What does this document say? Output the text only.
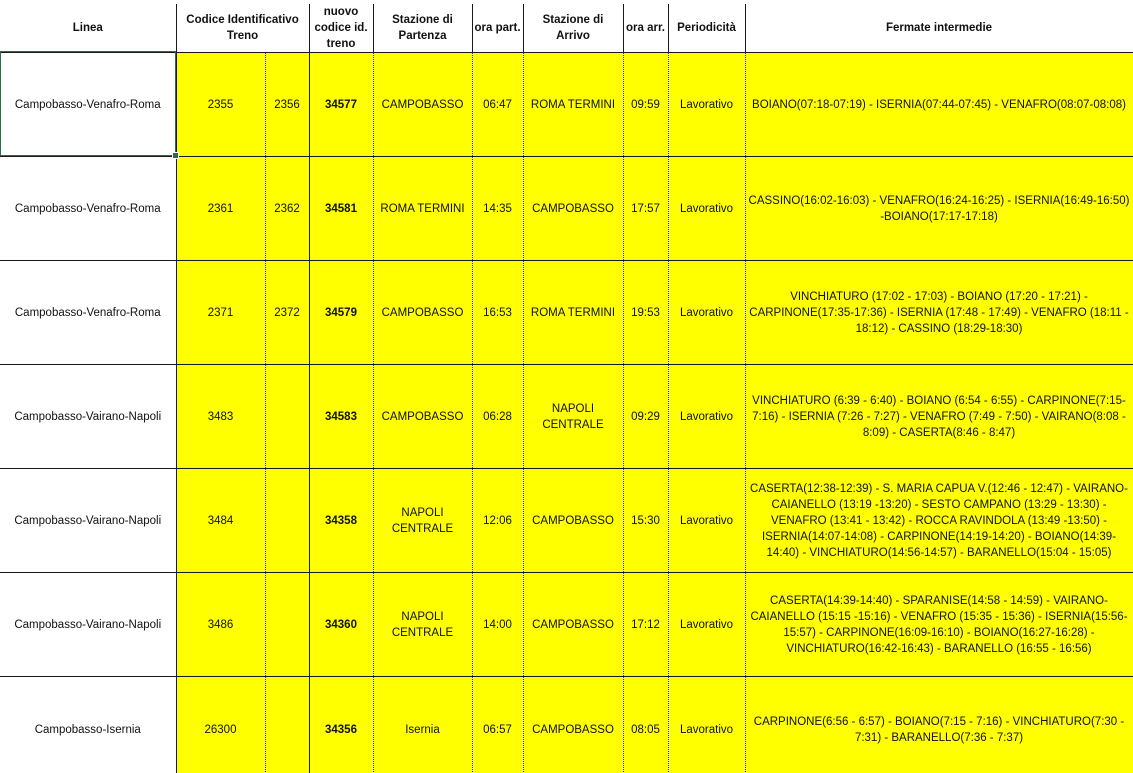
Linea	Codice Identificativo Treno		nuovo codice id. treno	Stazione di Partenza	ora part.	Stazione di Arrivo	ora arr.	Periodicità	Fermate intermedie
Campobasso-Venafro-Roma	2355	2356	34577	CAMPOBASSO	06:47	ROMA TERMINI	09:59	Lavorativo	BOIANO(07:18-07:19) - ISERNIA(07:44-07:45) - VENAFRO(08:07-08:08)
Campobasso-Venafro-Roma	2361	2362	34581	ROMA TERMINI	14:35	CAMPOBASSO	17:57	Lavorativo	CASSINO(16:02-16:03) - VENAFRO(16:24-16:25) - ISERNIA(16:49-16:50) -BOIANO(17:17-17:18)
Campobasso-Venafro-Roma	2371	2372	34579	CAMPOBASSO	16:53	ROMA TERMINI	19:53	Lavorativo	VINCHIATURO (17:02 - 17:03) - BOIANO (17:20 - 17:21) - CARPINONE(17:35-17:36) - ISERNIA (17:48 - 17:49) - VENAFRO (18:11 - 18:12) - CASSINO (18:29-18:30)
Campobasso-Vairano-Napoli	3483		34583	CAMPOBASSO	06:28	NAPOLI CENTRALE	09:29	Lavorativo	VINCHIATURO (6:39 - 6:40) - BOIANO (6:54 - 6:55) - CARPINONE(7:15- 7:16) - ISERNIA (7:26 - 7:27) - VENAFRO (7:49 - 7:50) - VAIRANO(8:08 - 8:09) - CASERTA(8:46 - 8:47)
Campobasso-Vairano-Napoli	3484		34358	NAPOLI CENTRALE	12:06	CAMPOBASSO	15:30	Lavorativo	CASERTA(12:38-12:39) - S. MARIA CAPUA V.(12:46 - 12:47) - VAIRANO-CAIANELLO (13:19 -13:20) - SESTO CAMPANO (13:29 - 13:30) - VENAFRO (13:41 - 13:42) - ROCCA RAVINDOLA (13:49 -13:50) - ISERNIA(14:07-14:08) - CARPINONE(14:19-14:20) - BOIANO(14:39-14:40) - VINCHIATURO(14:56-14:57) - BARANELLO(15:04 - 15:05)
Campobasso-Vairano-Napoli	3486		34360	NAPOLI CENTRALE	14:00	CAMPOBASSO	17:12	Lavorativo	CASERTA(14:39-14:40) - SPARANISE(14:58 - 14:59) - VAIRANO-CAIANELLO (15:15 -15:16) - VENAFRO (15:35 - 15:36) - ISERNIA(15:56- 15:57) - CARPINONE(16:09-16:10) - BOIANO(16:27-16:28) - VINCHIATURO(16:42-16:43) - BARANELLO (16:55 - 16:56)
Campobasso-Isernia	26300		34356	Isernia	06:57	CAMPOBASSO	08:05	Lavorativo	CARPINONE(6:56 - 6:57) - BOIANO(7:15 - 7:16) - VINCHIATURO(7:30 - 7:31) - BARANELLO(7:36 - 7:37)
